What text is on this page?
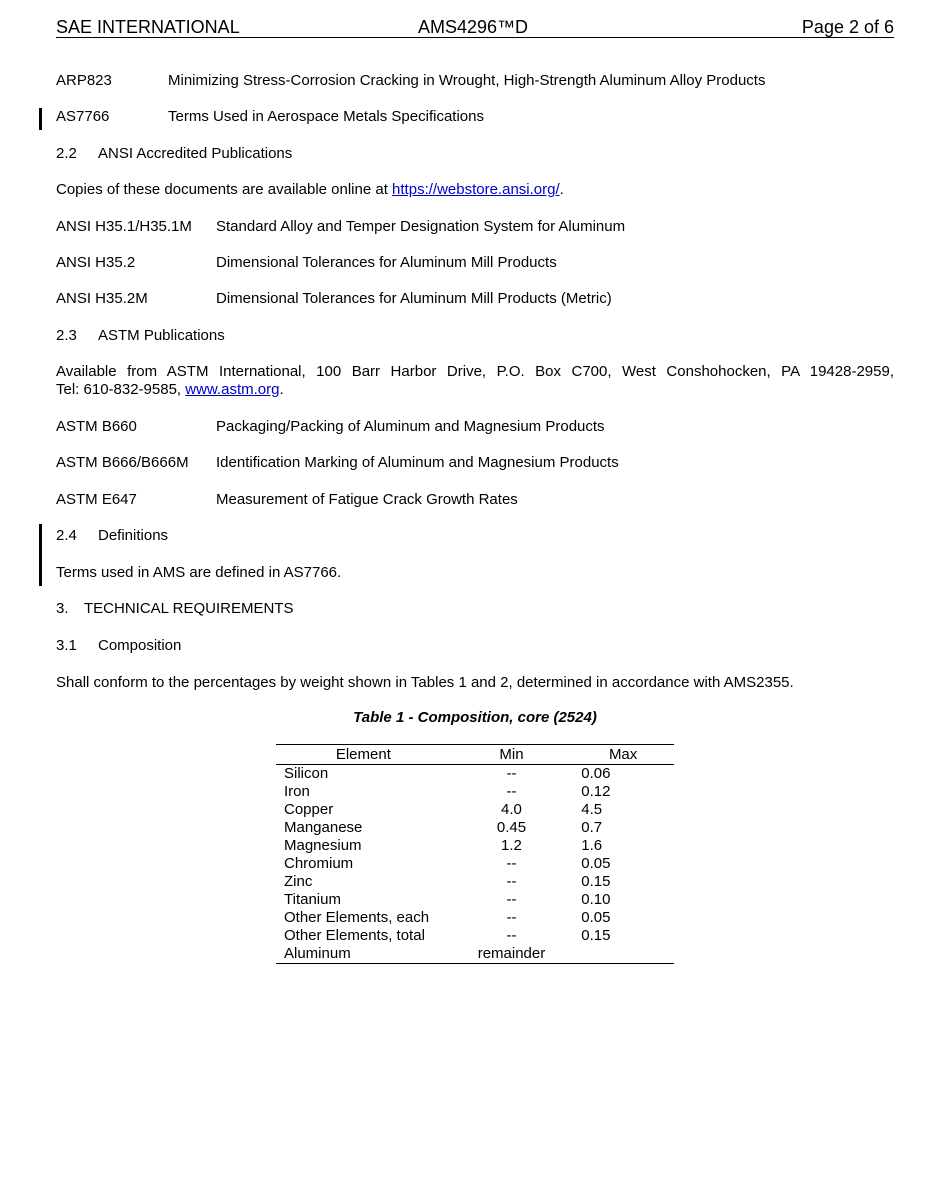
SAE INTERNATIONAL	AMS4296™D	Page 2 of 6
ARP823	Minimizing Stress-Corrosion Cracking in Wrought, High-Strength Aluminum Alloy Products
AS7766	Terms Used in Aerospace Metals Specifications
2.2 ANSI Accredited Publications
Copies of these documents are available online at https://webstore.ansi.org/.
ANSI H35.1/H35.1M Standard Alloy and Temper Designation System for Aluminum
ANSI H35.2	Dimensional Tolerances for Aluminum Mill Products
ANSI H35.2M	Dimensional Tolerances for Aluminum Mill Products (Metric)
2.3 ASTM Publications
Available from ASTM International, 100 Barr Harbor Drive, P.O. Box C700, West Conshohocken, PA 19428-2959,
Tel: 610-832-9585, www.astm.org.
ASTM B660	Packaging/Packing of Aluminum and Magnesium Products
ASTM B666/B666M Identification Marking of Aluminum and Magnesium Products
ASTM E647	Measurement of Fatigue Crack Growth Rates
2.4 Definitions
Terms used in AMS are defined in AS7766.
3. TECHNICAL REQUIREMENTS
3.1 Composition
Shall conform to the percentages by weight shown in Tables 1 and 2, determined in accordance with AMS2355.
Table 1 - Composition, core (2524)
Element	Min	Max
Silicon	--	0.06
Iron	--	0.12
Copper	4.0	4.5
Manganese	0.45	0.7
Magnesium	1.2	1.6
Chromium	--	0.05
Zinc	--	0.15
Titanium	--	0.10
Other Elements, each	--	0.05
Other Elements, total	--	0.15
Aluminum	remainder	
